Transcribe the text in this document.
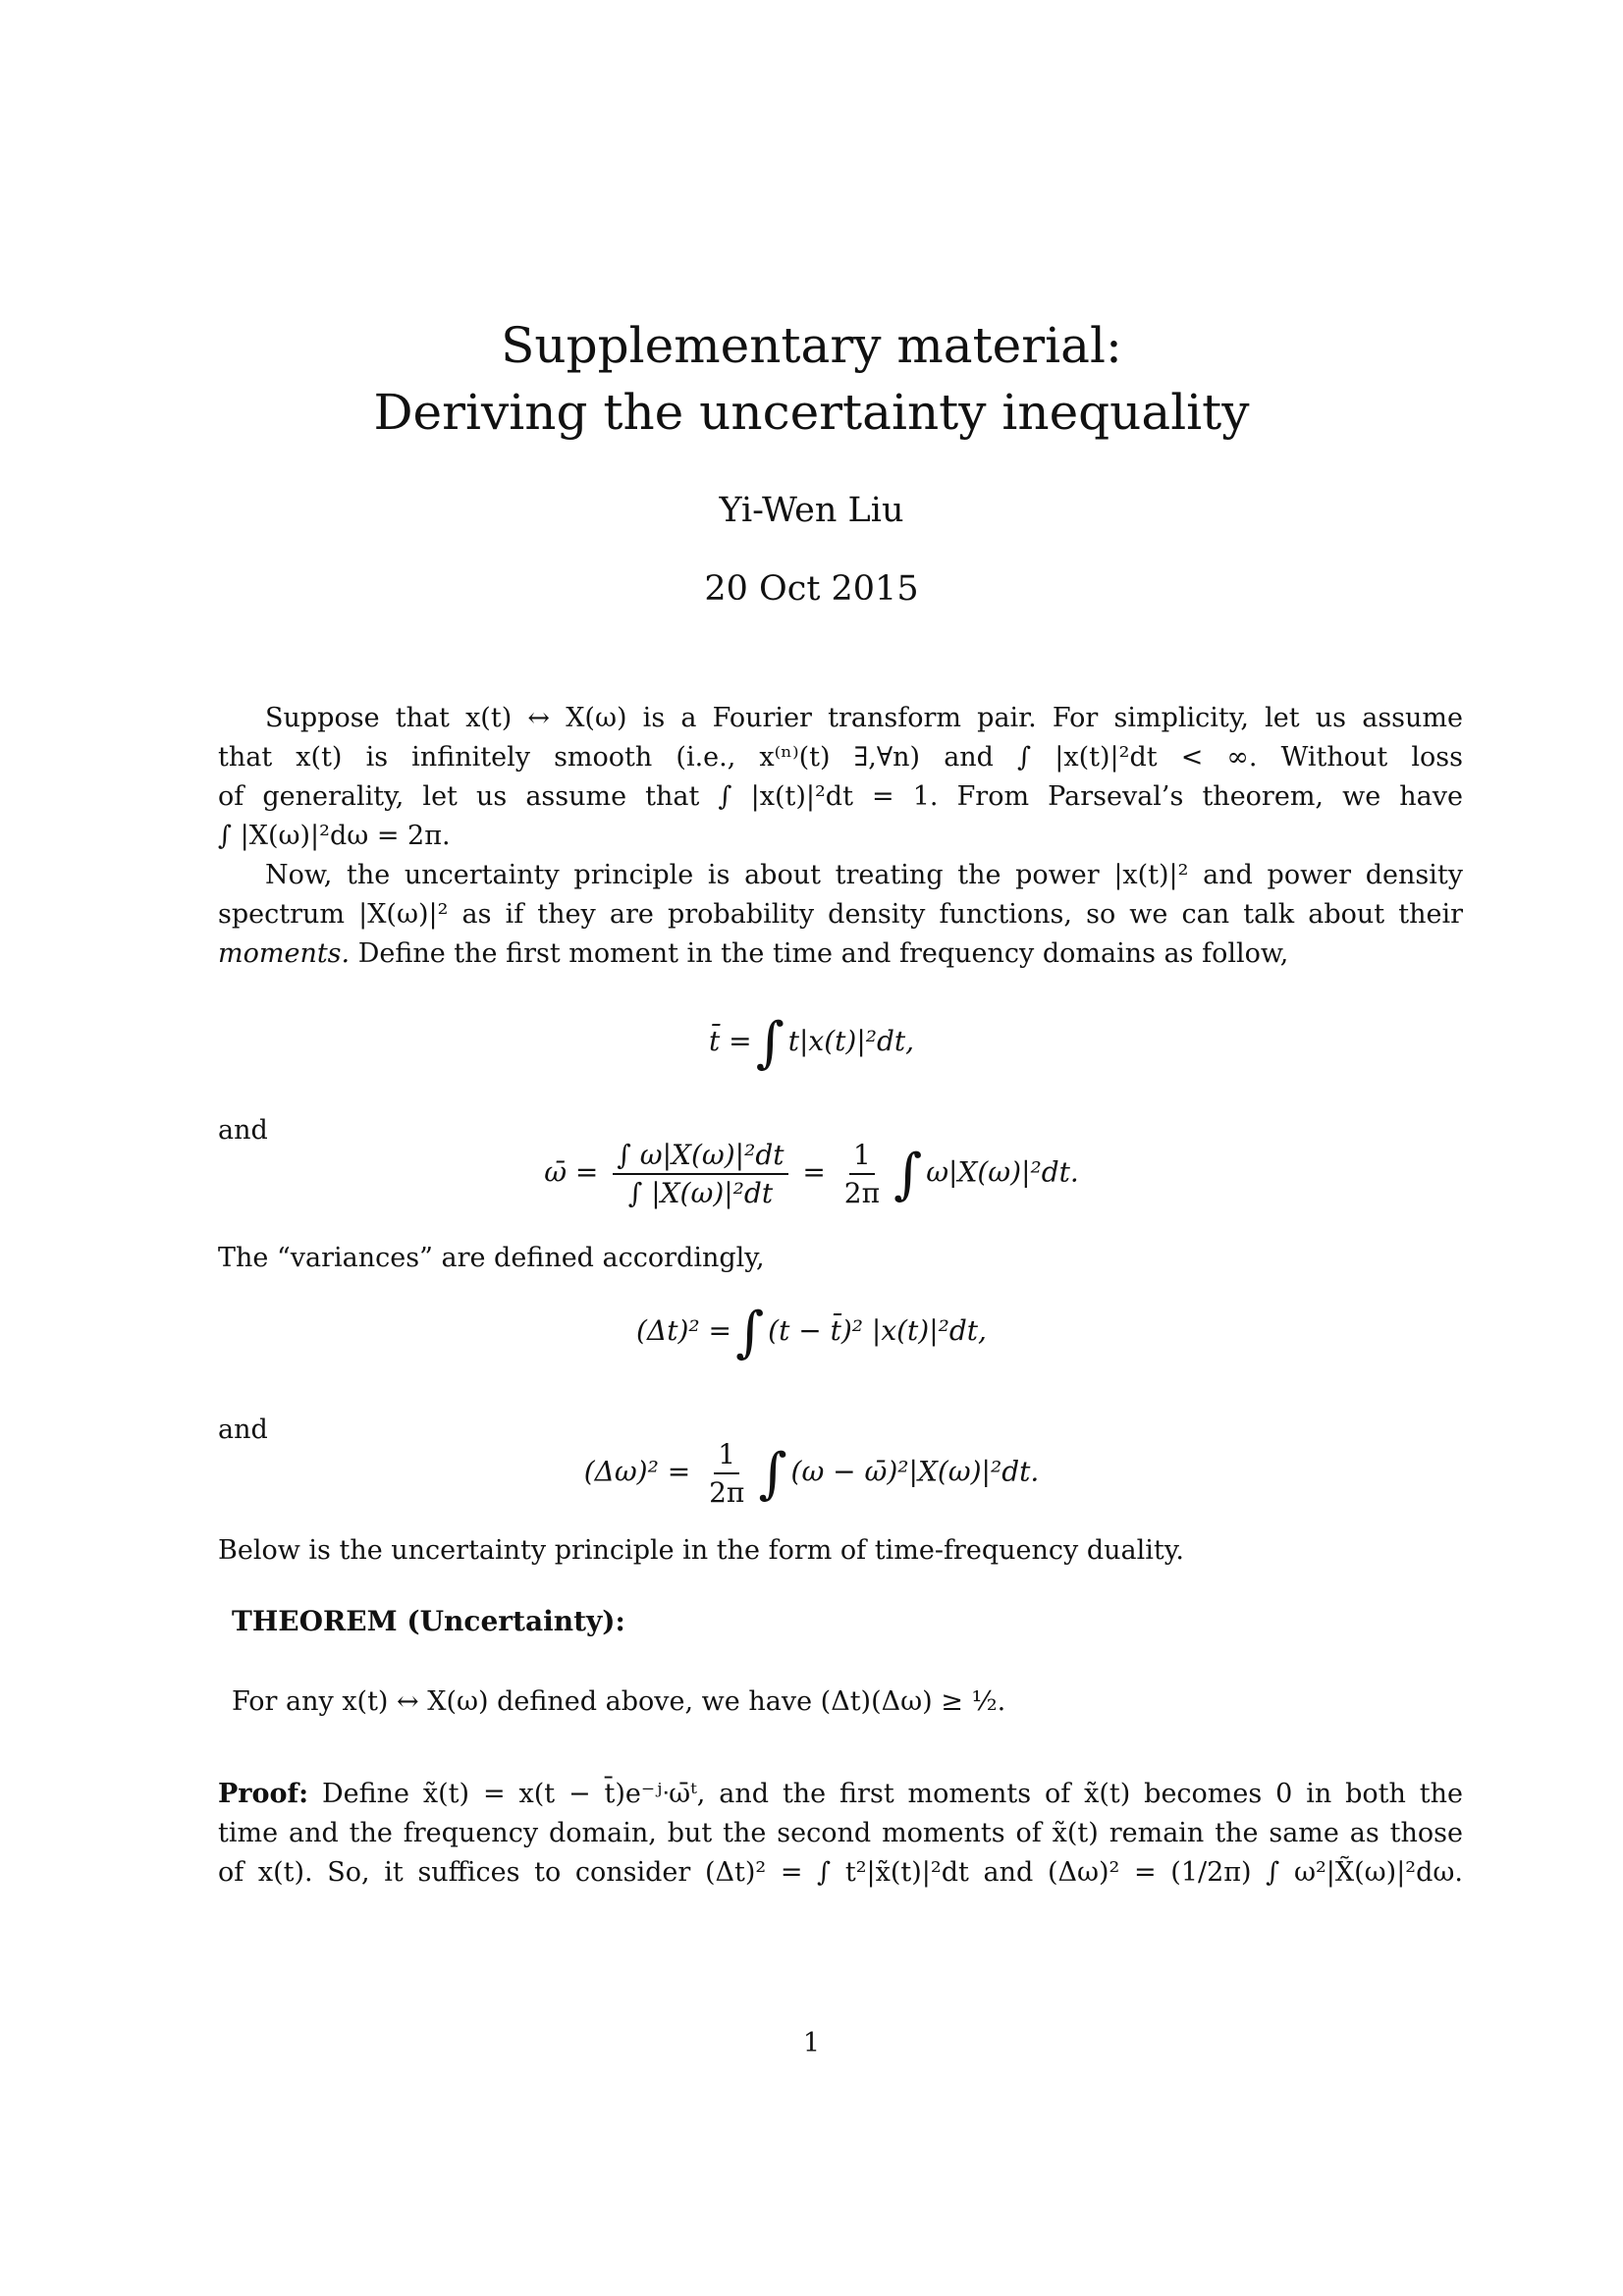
Supplementary material:
Deriving the uncertainty inequality
Yi-Wen Liu
20 Oct 2015
Suppose that x(t) ↔ X(ω) is a Fourier transform pair. For simplicity, let us assume
that x(t) is infinitely smooth (i.e., x⁽ⁿ⁾(t) ∃,∀n) and ∫ |x(t)|²dt < ∞. Without loss
of generality, let us assume that ∫ |x(t)|²dt = 1. From Parseval’s theorem, we have
∫ |X(ω)|²dω = 2π.
Now, the uncertainty principle is about treating the power |x(t)|² and power density
spectrum |X(ω)|² as if they are probability density functions, so we can talk about their
moments. Define the first moment in the time and frequency domains as follow,
t̄ =∫ t|x(t)|²dt,
and
ω̄ = $\frac{\text{∫ ω|X(ω)|²dt}}{\text{∫ |X(ω)|²dt}} = \frac{1}{2\pi}$ ∫ ω|X(ω)|²dt.
The “variances” are defined accordingly,
(Δt)² =∫ (t − t̄)² |x(t)|²dt,
and
$(\Delta\omega)^2 = \frac{1}{2\pi}$ ∫ (ω − ω̄)²|X(ω)|²dt.
Below is the uncertainty principle in the form of time-frequency duality.
THEOREM (Uncertainty):
For any x(t) ↔ X(ω) defined above, we have (Δt)(Δω) ≥ ½.
Proof: Define x̃(t) = x(t − t̄)e⁻ʲᐧω̄ᵗ, and the first moments of x̃(t) becomes 0 in both the
time and the frequency domain, but the second moments of x̃(t) remain the same as those
of x(t). So, it suffices to consider (Δt)² = ∫ t²|x̃(t)|²dt and (Δω)² = (1/2π) ∫ ω²|X̃(ω)|²dω.
1
